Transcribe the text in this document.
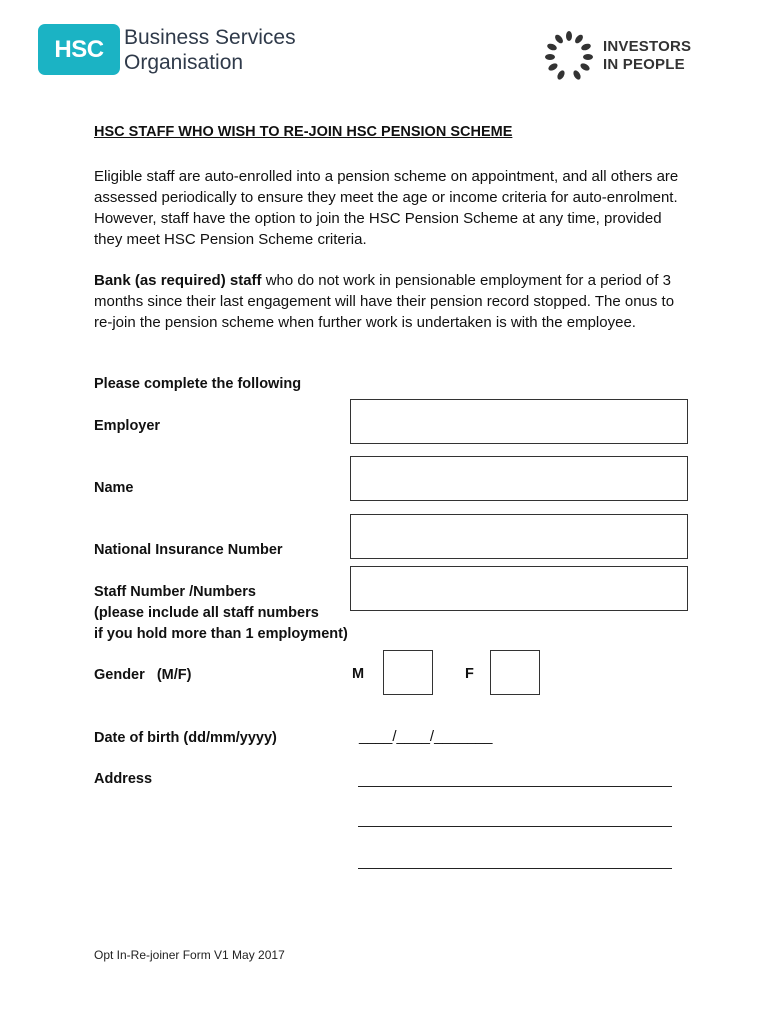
HSC Business Services
Organisation
INVESTORS
IN PEOPLE
HSC STAFF WHO WISH TO RE-JOIN HSC PENSION SCHEME
Eligible staff are auto-enrolled into a pension scheme on appointment, and all others are assessed periodically to ensure they meet the age or income criteria for auto-enrolment. However, staff have the option to join the HSC Pension Scheme at any time, provided they meet HSC Pension Scheme criteria.
Bank (as required) staff who do not work in pensionable employment for a period of 3 months since their last engagement will have their pension record stopped. The onus to re-join the pension scheme when further work is undertaken is with the employee.
Please complete the following
Employer
Name
National Insurance Number
Staff Number /Numbers
(please include all staff numbers
if you hold more than 1 employment)
Gender   (M/F)	M	F
Date of birth (dd/mm/yyyy)	____/____/_______
Address
Opt In-Re-joiner Form V1 May 2017
